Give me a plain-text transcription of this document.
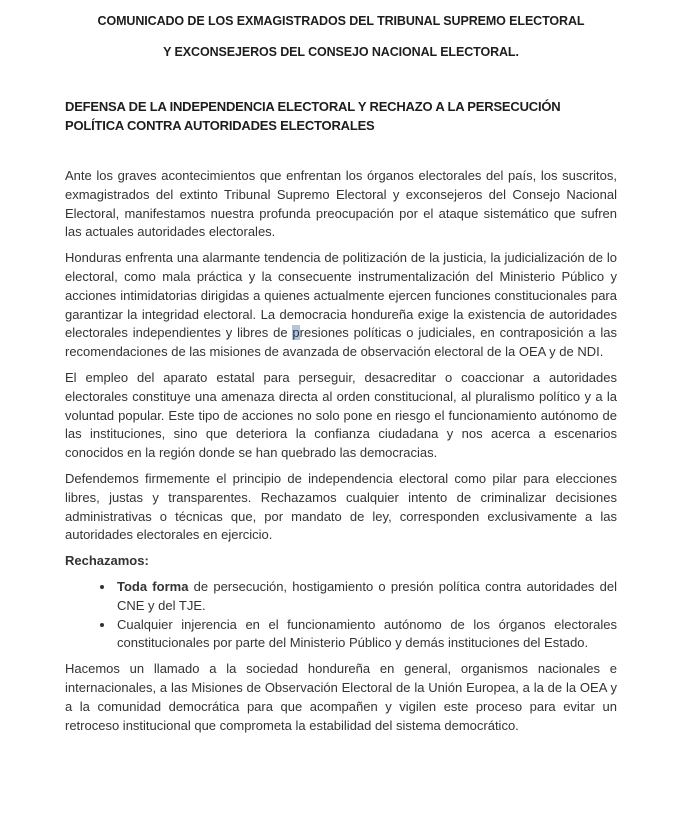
COMUNICADO DE LOS EXMAGISTRADOS DEL TRIBUNAL SUPREMO ELECTORAL
Y EXCONSEJEROS DEL CONSEJO NACIONAL ELECTORAL.
DEFENSA DE LA INDEPENDENCIA ELECTORAL Y RECHAZO A LA PERSECUCIÓN POLÍTICA CONTRA AUTORIDADES ELECTORALES

Ante los graves acontecimientos que enfrentan los órganos electorales del país, los suscritos, exmagistrados del extinto Tribunal Supremo Electoral y exconsejeros del Consejo Nacional Electoral, manifestamos nuestra profunda preocupación por el ataque sistemático que sufren las actuales autoridades electorales.

Honduras enfrenta una alarmante tendencia de politización de la justicia, la judicialización de lo electoral, como mala práctica y la consecuente instrumentalización del Ministerio Público y acciones intimidatorias dirigidas a quienes actualmente ejercen funciones constitucionales para garantizar la integridad electoral. La democracia hondureña exige la existencia de autoridades electorales independientes y libres de presiones políticas o judiciales, en contraposición a las recomendaciones de las misiones de avanzada de observación electoral de la OEA y de NDI.

El empleo del aparato estatal para perseguir, desacreditar o coaccionar a autoridades electorales constituye una amenaza directa al orden constitucional, al pluralismo político y a la voluntad popular. Este tipo de acciones no solo pone en riesgo el funcionamiento autónomo de las instituciones, sino que deteriora la confianza ciudadana y nos acerca a escenarios conocidos en la región donde se han quebrado las democracias.

Defendemos firmemente el principio de independencia electoral como pilar para elecciones libres, justas y transparentes. Rechazamos cualquier intento de criminalizar decisiones administrativas o técnicas que, por mandato de ley, corresponden exclusivamente a las autoridades electorales en ejercicio.

Rechazamos:

• Toda forma de persecución, hostigamiento o presión política contra autoridades del CNE y del TJE.
• Cualquier injerencia en el funcionamiento autónomo de los órganos electorales constitucionales por parte del Ministerio Público y demás instituciones del Estado.

Hacemos un llamado a la sociedad hondureña en general, organismos nacionales e internacionales, a las Misiones de Observación Electoral de la Unión Europea, a la de la OEA y a la comunidad democrática para que acompañen y vigilen este proceso para evitar un retroceso institucional que comprometa la estabilidad del sistema democrático.
